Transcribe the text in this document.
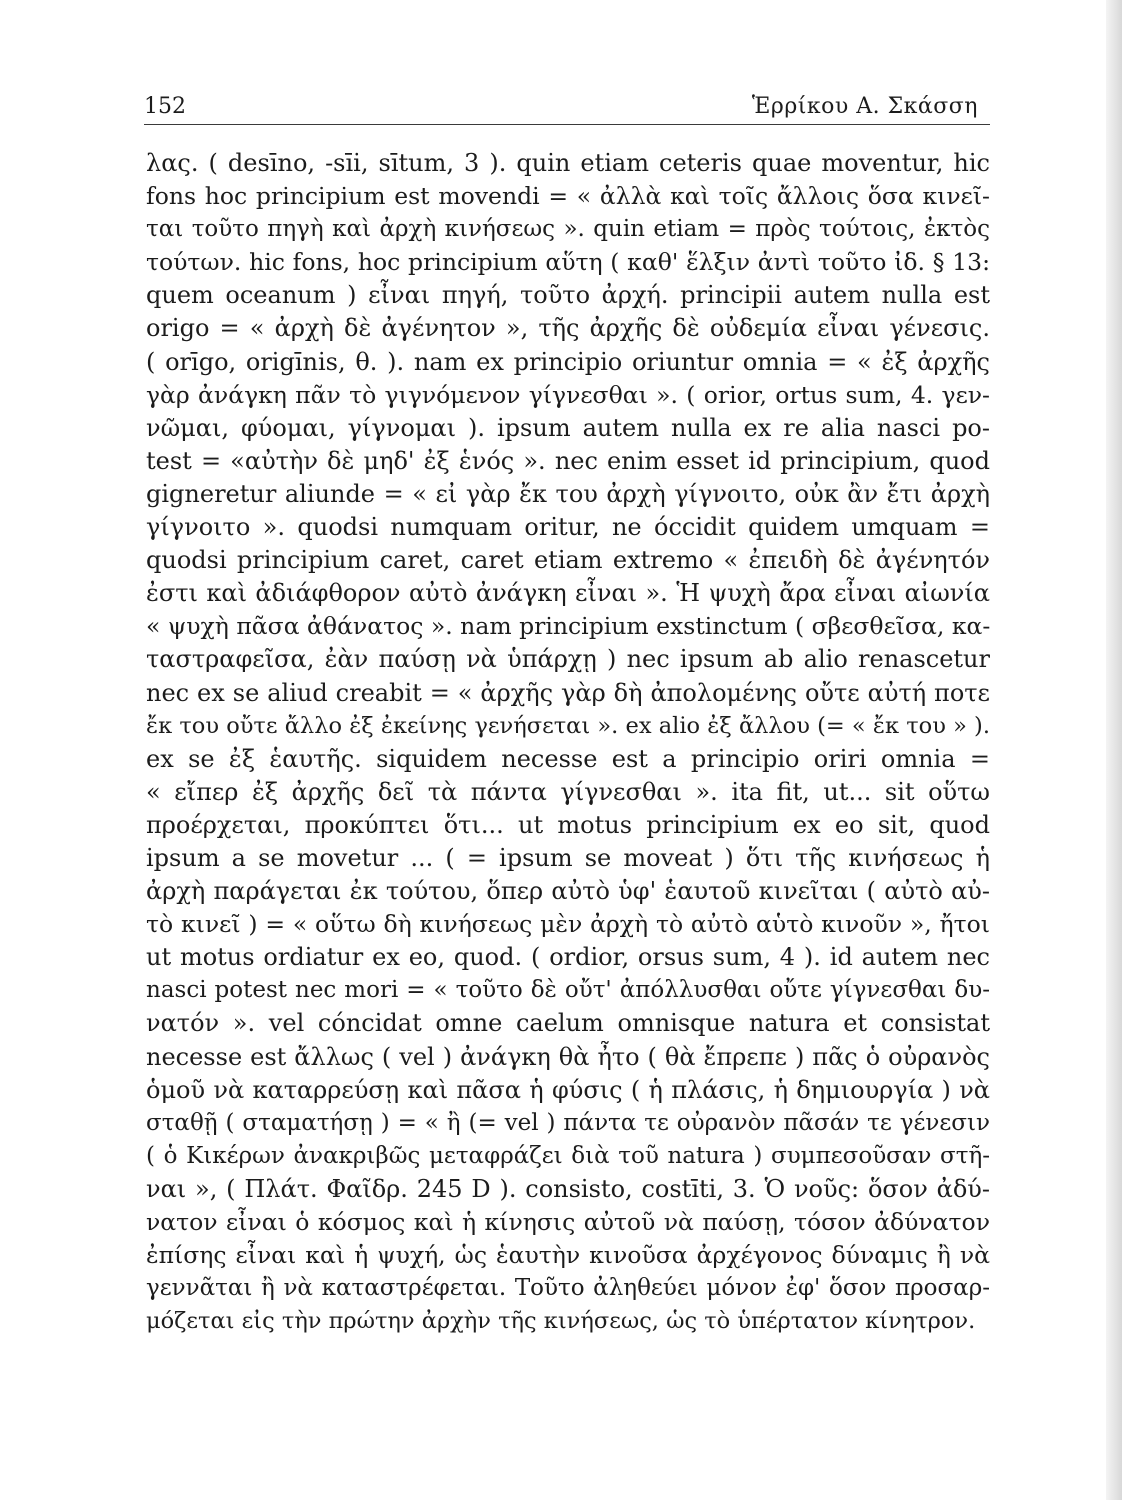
152	Ἑρρίκου Α. Σκάσση
λας. ( desīno, -sīi, sītum, 3 ). quin etiam ceteris quae moventur, hic
fons hoc principium est movendi = « ἀλλὰ καὶ τοῖς ἄλλοις ὅσα κινεῖ-
ται τοῦτο πηγὴ καὶ ἀρχὴ κινήσεως ». quin etiam = πρὸς τούτοις, ἐκτὸς
τούτων. hic fons, hoc principium αὕτη ( καθ' ἕλξιν ἀντὶ τοῦτο ἰδ. § 13:
quem oceanum ) εἶναι πηγή, τοῦτο ἀρχή. principii autem nulla est
origo = « ἀρχὴ δὲ ἀγένητον », τῆς ἀρχῆς δὲ οὐδεμία εἶναι γένεσις.
( orīgo, origīnis, θ. ). nam ex principio oriuntur omnia = « ἐξ ἀρχῆς
γὰρ ἀνάγκη πᾶν τὸ γιγνόμενον γίγνεσθαι ». ( orior, ortus sum, 4. γεν-
νῶμαι, φύομαι, γίγνομαι ). ipsum autem nulla ex re alia nasci po-
test = «αὐτὴν δὲ μηδ' ἐξ ἑνός ». nec enim esset id principium, quod
gigneretur aliunde = « εἰ γὰρ ἔκ του ἀρχὴ γίγνοιτο, οὐκ ἂν ἔτι ἀρχὴ
γίγνοιτο ». quodsi numquam oritur, ne óccidit quidem umquam =
quodsi principium caret, caret etiam extremo « ἐπειδὴ δὲ ἀγένητόν
ἐστι καὶ ἀδιάφθορον αὐτὸ ἀνάγκη εἶναι ». Ἡ ψυχὴ ἄρα εἶναι αἰωνία
« ψυχὴ πᾶσα ἀθάνατος ». nam principium exstinctum ( σβεσθεῖσα, κα-
ταστραφεῖσα, ἐὰν παύσῃ νὰ ὑπάρχῃ ) nec ipsum ab alio renascetur
nec ex se aliud creabit = « ἀρχῆς γὰρ δὴ ἀπολομένης οὔτε αὐτή ποτε
ἔκ του οὔτε ἄλλο ἐξ ἐκείνης γενήσεται ». ex alio ἐξ ἄλλου (= « ἔκ του » ).
ex se ἐξ ἑαυτῆς. siquidem necesse est a principio oriri omnia =
« εἴπερ ἐξ ἀρχῆς δεῖ τὰ πάντα γίγνεσθαι ». ita fit, ut... sit οὕτω
προέρχεται, προκύπτει ὅτι... ut motus principium ex eo sit, quod
ipsum a se movetur ... ( = ipsum se moveat ) ὅτι τῆς κινήσεως ἡ
ἀρχὴ παράγεται ἐκ τούτου, ὅπερ αὐτὸ ὑφ' ἑαυτοῦ κινεῖται ( αὐτὸ αὐ-
τὸ κινεῖ ) = « οὕτω δὴ κινήσεως μὲν ἀρχὴ τὸ αὐτὸ αὑτὸ κινοῦν », ἤτοι
ut motus ordiatur ex eo, quod. ( ordior, orsus sum, 4 ). id autem nec
nasci potest nec mori = « τοῦτο δὲ οὔτ' ἀπόλλυσθαι οὔτε γίγνεσθαι δυ-
νατόν ». vel cóncidat omne caelum omnisque natura et consistat
necesse est ἄλλως ( vel ) ἀνάγκη θὰ ἦτο ( θὰ ἔπρεπε ) πᾶς ὁ οὐρανὸς
ὁμοῦ νὰ καταρρεύσῃ καὶ πᾶσα ἡ φύσις ( ἡ πλάσις, ἡ δημιουργία ) νὰ
σταθῇ ( σταματήσῃ ) = « ἢ (= vel ) πάντα τε οὐρανὸν πᾶσάν τε γένεσιν
( ὁ Κικέρων ἀνακριβῶς μεταφράζει διὰ τοῦ natura ) συμπεσοῦσαν στῆ-
ναι », ( Πλάτ. Φαῖδρ. 245 D ). consisto, costīti, 3. Ὁ νοῦς: ὅσον ἀδύ-
νατον εἶναι ὁ κόσμος καὶ ἡ κίνησις αὐτοῦ νὰ παύσῃ, τόσον ἀδύνατον
ἐπίσης εἶναι καὶ ἡ ψυχή, ὡς ἑαυτὴν κινοῦσα ἀρχέγονος δύναμις ἢ νὰ
γεννᾶται ἢ νὰ καταστρέφεται. Τοῦτο ἀληθεύει μόνον ἐφ' ὅσον προσαρ-
μόζεται εἰς τὴν πρώτην ἀρχὴν τῆς κινήσεως, ὡς τὸ ὑπέρτατον κίνητρον.
